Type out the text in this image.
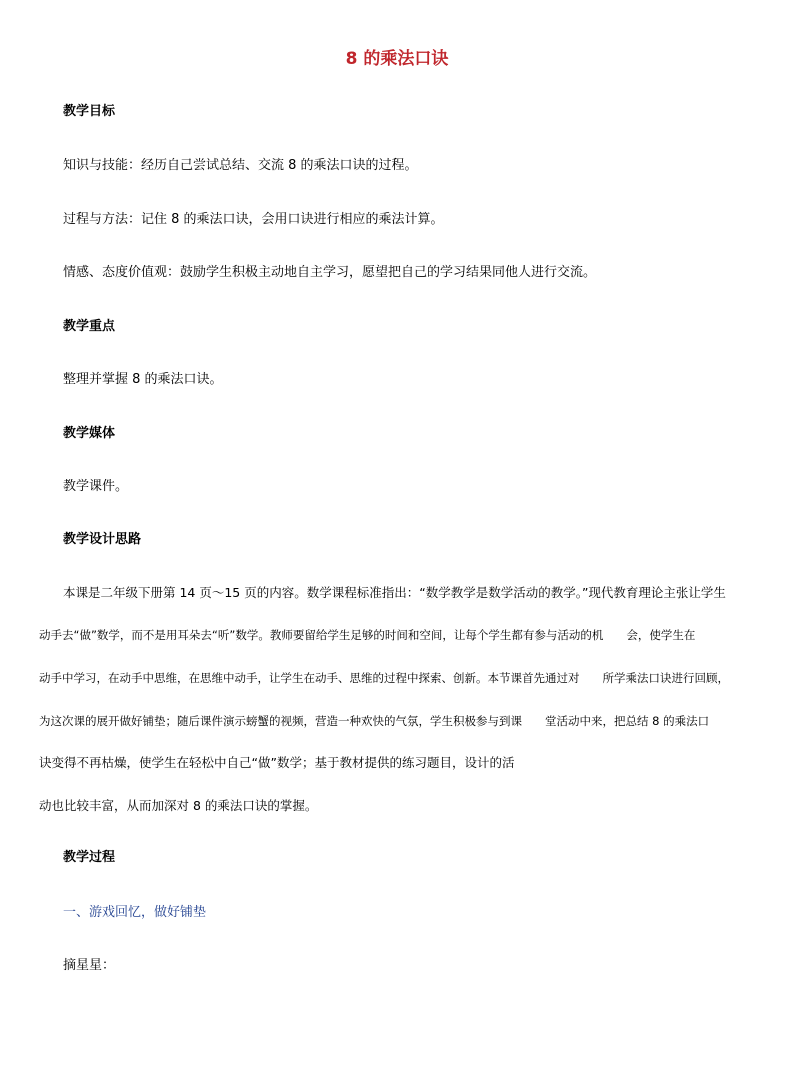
8 的乘法口诀
教学目标
知识与技能：经历自己尝试总结、交流 8 的乘法口诀的过程。
过程与方法：记住 8 的乘法口诀，会用口诀进行相应的乘法计算。
情感、态度价值观：鼓励学生积极主动地自主学习，愿望把自己的学习结果同他人进行交流。
教学重点
整理并掌握 8 的乘法口诀。
教学媒体
教学课件。
教学设计思路
本课是二年级下册第 14 页～15 页的内容。数学课程标准指出：“数学教学是数学活动的教学。”现代教育理论主张让学生
动手去“做”数学，而不是用耳朵去“听”数学。教师要留给学生足够的时间和空间，让每个学生都有参与活动的机　　会，使学生在
动手中学习，在动手中思维，在思维中动手，让学生在动手、思维的过程中探索、创新。本节课首先通过对　　所学乘法口诀进行回顾，
为这次课的展开做好铺垫；随后课件演示螃蟹的视频，营造一种欢快的气氛，学生积极参与到课　　堂活动中来，把总结 8 的乘法口
诀变得不再枯燥，使学生在轻松中自己“做”数学；基于教材提供的练习题目，设计的活
动也比较丰富，从而加深对 8 的乘法口诀的掌握。
教学过程
一、游戏回忆，做好铺垫
摘星星：
